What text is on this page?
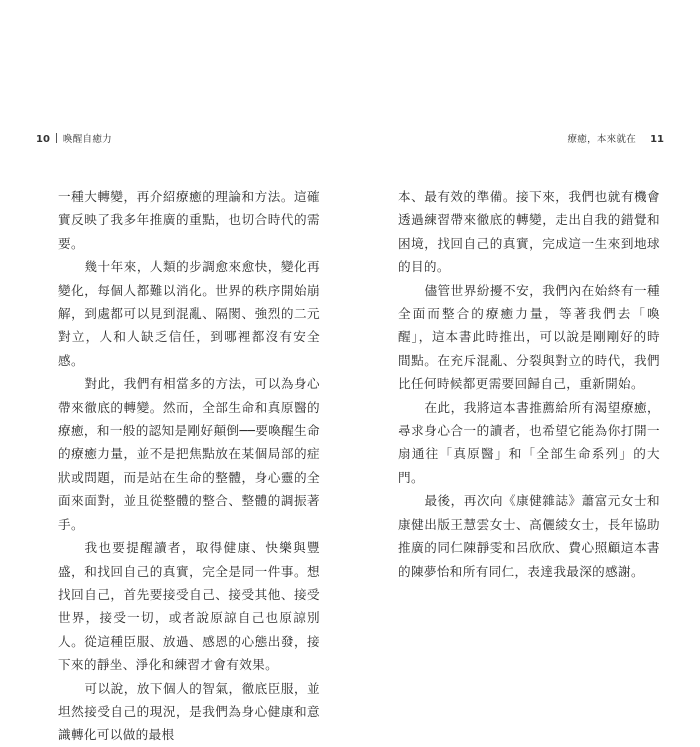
10 喚醒自癒力

一種大轉變，再介紹療癒的理論和方法。這確實反映了我多年推廣的重點，也切合時代的需要。

幾十年來，人類的步調愈來愈快，變化再變化，每個人都難以消化。世界的秩序開始崩解，到處都可以見到混亂、隔閡、強烈的二元對立，人和人缺乏信任，到哪裡都沒有安全感。

對此，我們有相當多的方法，可以為身心帶來徹底的轉變。然而，全部生命和真原醫的療癒，和一般的認知是剛好顛倒──要喚醒生命的療癒力量，並不是把焦點放在某個局部的症狀或問題，而是站在生命的整體，身心靈的全面來面對，並且從整體的整合、整體的調振著手。

我也要提醒讀者，取得健康、快樂與豐盛，和找回自己的真實，完全是同一件事。想找回自己，首先要接受自己、接受其他、接受世界，接受一切，或者說原諒自己也原諒別人。從這種臣服、放過、感恩的心態出發，接下來的靜坐、淨化和練習才會有效果。

可以說，放下個人的智氣，徹底臣服，並坦然接受自己的現況，是我們為身心健康和意識轉化可以做的最根

療癒，本來就在 11

本、最有效的準備。接下來，我們也就有機會透過練習帶來徹底的轉變，走出自我的錯覺和困境，找回自己的真實，完成這一生來到地球的目的。

儘管世界紛擾不安，我們內在始終有一種全面而整合的療癒力量，等著我們去「喚醒」，這本書此時推出，可以說是剛剛好的時間點。在充斥混亂、分裂與對立的時代，我們比任何時候都更需要回歸自己，重新開始。

在此，我將這本書推薦給所有渴望療癒，尋求身心合一的讀者，也希望它能為你打開一扇通往「真原醫」和「全部生命系列」的大門。

最後，再次向《康健雜誌》蕭富元女士和康健出版王慧雲女士、高儷綾女士，長年協助推廣的同仁陳靜雯和呂欣欣、費心照顧這本書的陳夢怡和所有同仁，表達我最深的感謝。
